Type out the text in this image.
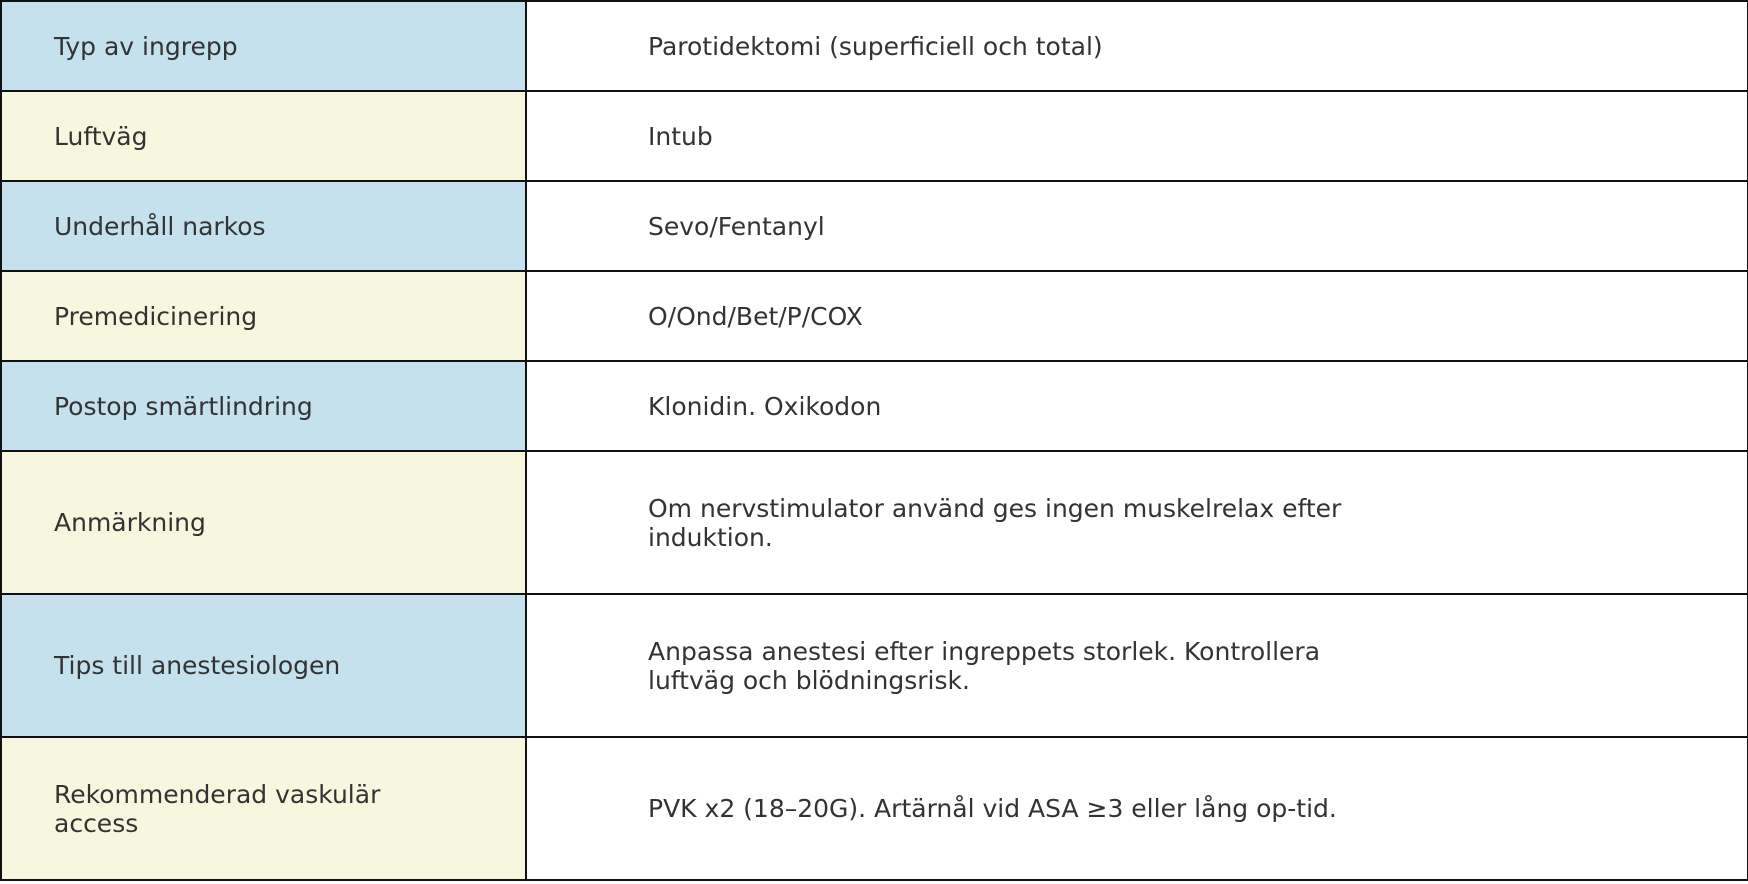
Typ av ingrepp	Parotidektomi (superficiell och total)

Luftväg	Intub

Underhåll narkos	Sevo/Fentanyl

Premedicinering	O/Ond/Bet/P/COX

Postop smärtlindring	Klonidin. Oxikodon

Anmärkning	Om nervstimulator använd ges ingen muskelrelax efter induktion.

Tips till anestesiologen	Anpassa anestesi efter ingreppets storlek. Kontrollera luftväg och blödningsrisk.

Rekommenderad vaskulär access	PVK x2 (18–20G). Artärnål vid ASA ≥3 eller lång op-tid.
